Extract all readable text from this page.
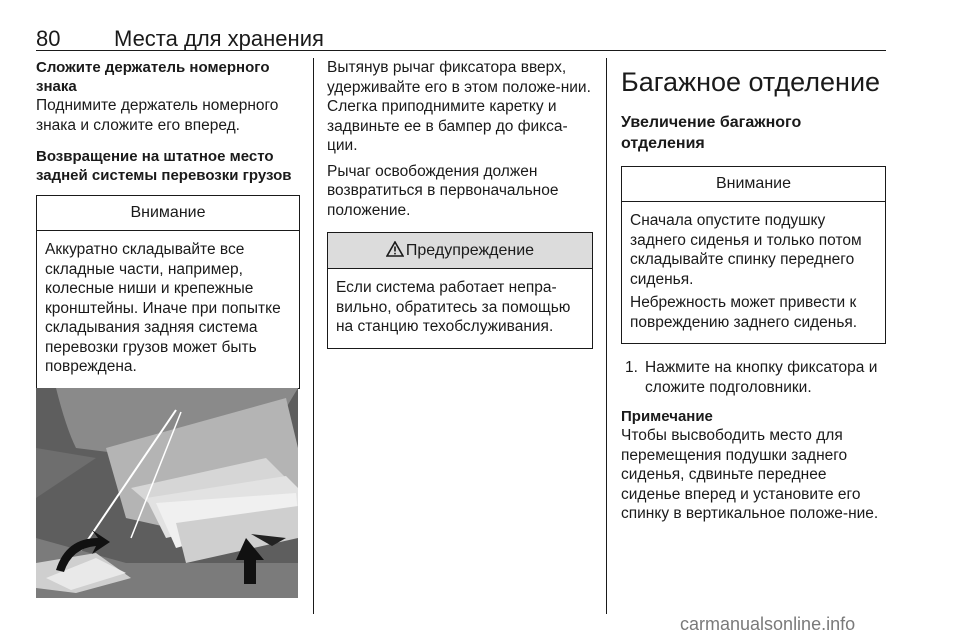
80 Места для хранения

Сложите держатель номерного знака

Поднимите держатель номерного знака и сложите его вперед.

Возвращение на штатное место задней системы перевозки грузов

Внимание

Аккуратно складывайте все складные части, например, колесные ниши и крепежные кронштейны. Иначе при попытке складывания задняя система перевозки грузов может быть повреждена.

Вытянув рычаг фиксатора вверх, удерживайте его в этом положе-нии. Слегка приподнимите каретку и задвиньте ее в бампер до фикса-ции.

Рычаг освобождения должен возвратиться в первоначальное положение.

Предупреждение

Если система работает непра-вильно, обратитесь за помощью на станцию техобслуживания.

Багажное отделение

Увеличение багажного отделения

Внимание

Сначала опустите подушку заднего сиденья и только потом складывайте спинку переднего сиденья.

Небрежность может привести к повреждению заднего сиденья.

1. Нажмите на кнопку фиксатора и сложите подголовники.

Примечание

Чтобы высвободить место для перемещения подушки заднего сиденья, сдвиньте переднее сиденье вперед и установите его спинку в вертикальное положе-ние.

carmanualsonline.info
